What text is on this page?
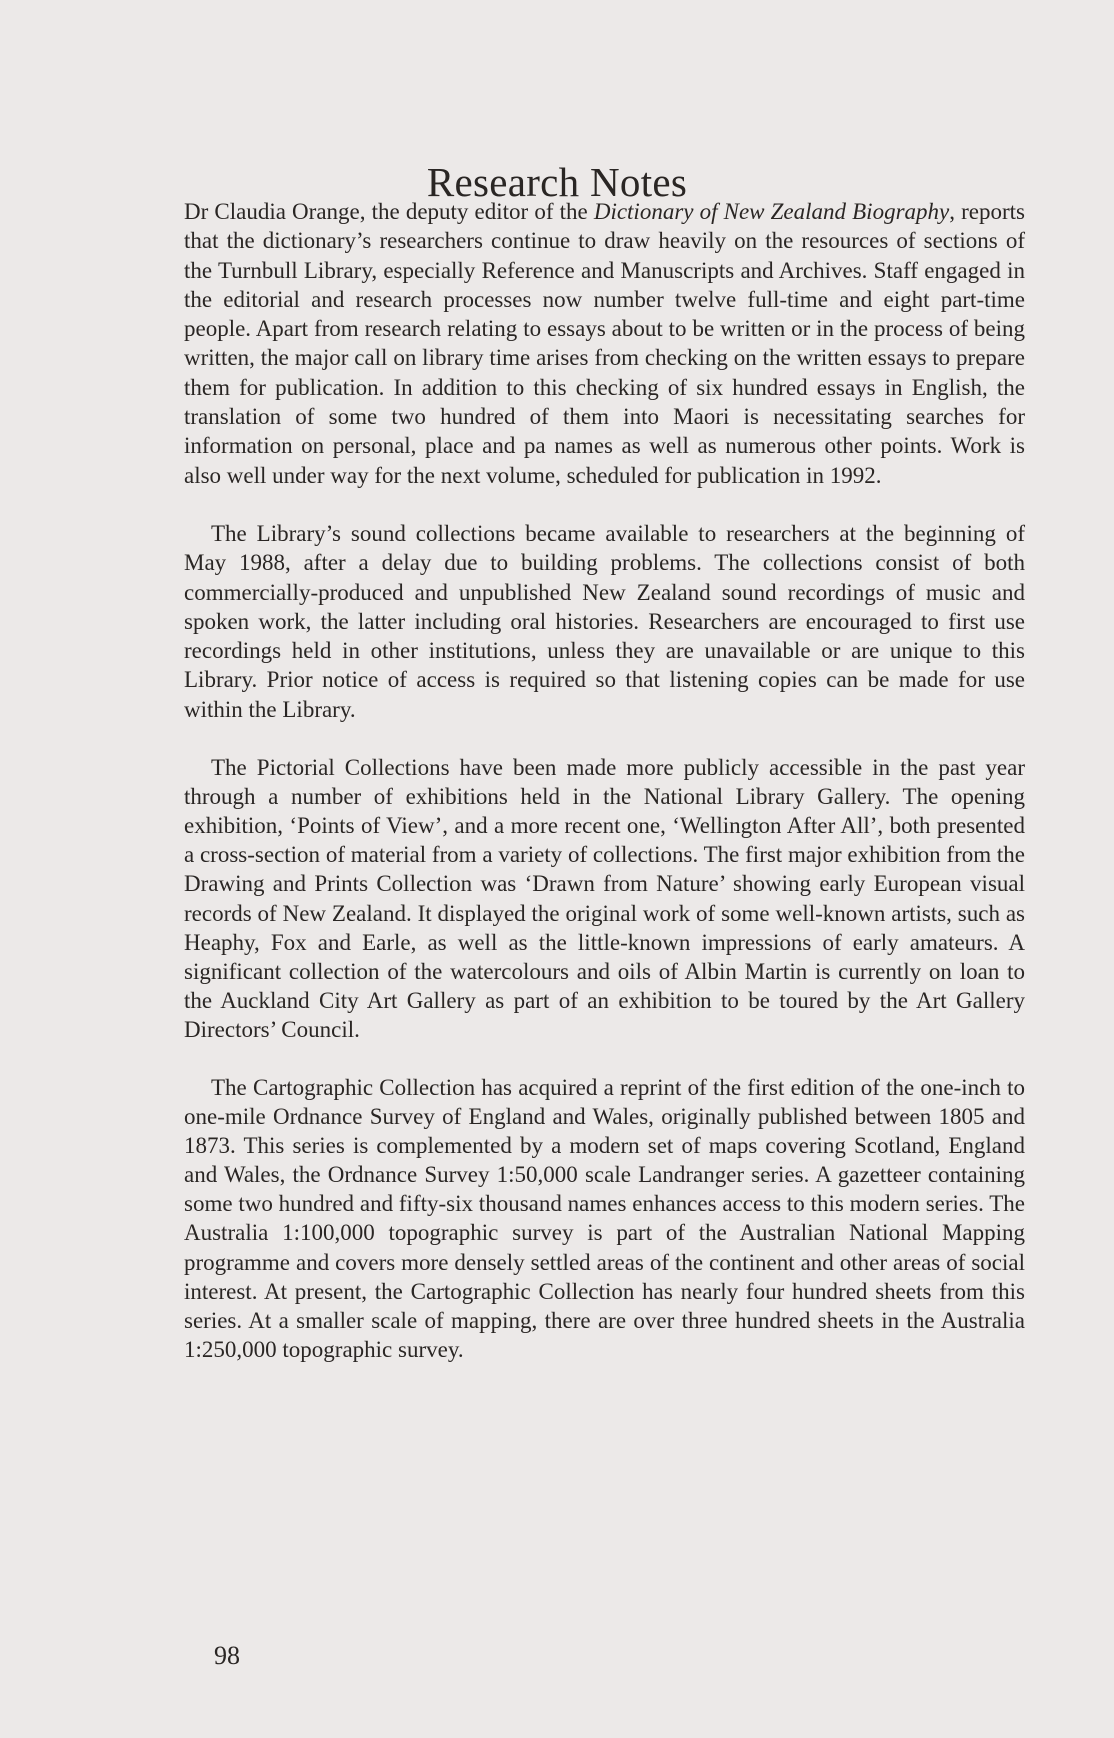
Research Notes

Dr Claudia Orange, the deputy editor of the Dictionary of New Zealand Biography, reports that the dictionary’s researchers continue to draw heavily on the resources of sections of the Turnbull Library, especially Reference and Manuscripts and Archives. Staff engaged in the editorial and research processes now number twelve full-time and eight part-time people. Apart from research relating to essays about to be written or in the process of being written, the major call on library time arises from checking on the written essays to prepare them for publication. In addition to this checking of six hundred essays in English, the translation of some two hundred of them into Maori is necessitating searches for information on personal, place and pa names as well as numerous other points. Work is also well under way for the next volume, scheduled for publication in 1992.

The Library’s sound collections became available to researchers at the beginning of May 1988, after a delay due to building problems. The collections consist of both commercially-produced and unpublished New Zealand sound recordings of music and spoken work, the latter including oral histories. Researchers are encouraged to first use recordings held in other institutions, unless they are unavailable or are unique to this Library. Prior notice of access is required so that listening copies can be made for use within the Library.

The Pictorial Collections have been made more publicly accessible in the past year through a number of exhibitions held in the National Library Gallery. The opening exhibition, ‘Points of View’, and a more recent one, ‘Wellington After All’, both presented a cross-section of material from a variety of collections. The first major exhibition from the Drawing and Prints Collection was ‘Drawn from Nature’ showing early European visual records of New Zealand. It displayed the original work of some well-known artists, such as Heaphy, Fox and Earle, as well as the little-known impressions of early amateurs. A significant collection of the watercolours and oils of Albin Martin is currently on loan to the Auckland City Art Gallery as part of an exhibition to be toured by the Art Gallery Directors’ Council.

The Cartographic Collection has acquired a reprint of the first edition of the one-inch to one-mile Ordnance Survey of England and Wales, originally published between 1805 and 1873. This series is complemented by a modern set of maps covering Scotland, England and Wales, the Ordnance Survey 1:50,000 scale Landranger series. A gazetteer containing some two hundred and fifty-six thousand names enhances access to this modern series. The Australia 1:100,000 topographic survey is part of the Australian National Mapping programme and covers more densely settled areas of the continent and other areas of social interest. At present, the Cartographic Collection has nearly four hundred sheets from this series. At a smaller scale of mapping, there are over three hundred sheets in the Australia 1:250,000 topographic survey.

98
